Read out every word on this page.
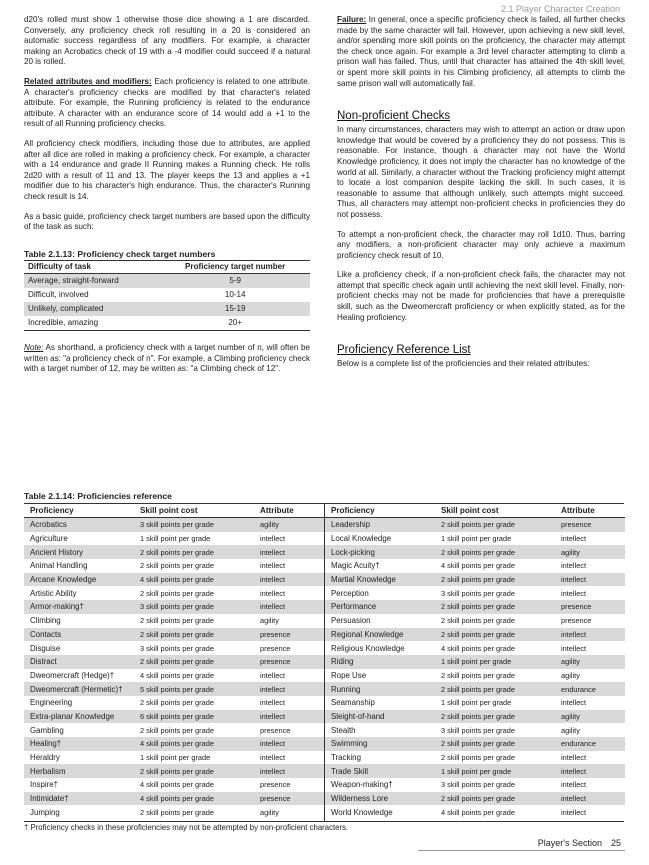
2.1 Player Character Creation

d20's rolled must show 1 otherwise those dice showing a 1 are discarded. Conversely, any proficiency check roll resulting in a 20 is considered an automatic success regardless of any modifiers. For example, a character making an Acrobatics check of 19 with a -4 modifier could succeed if a natural 20 is rolled.

Related attributes and modifiers: Each proficiency is related to one attribute. A character's proficiency checks are modified by that character's related attribute. For example, the Running proficiency is related to the endurance attribute. A character with an endurance score of 14 would add a +1 to the result of all Running proficiency checks.

All proficiency check modifiers, including those due to attributes, are applied after all dice are rolled in making a proficiency check. For example, a character with a 14 endurance and grade II Running makes a Running check. He rolls 2d20 with a result of 11 and 13. The player keeps the 13 and applies a +1 modifier due to his character's high endurance. Thus, the character's Running check result is 14.

As a basic guide, proficiency check target numbers are based upon the difficulty of the task as such:

Table 2.1.13: Proficiency check target numbers
Difficulty of task	Proficiency target number
Average, straight-forward	5-9
Difficult, involved	10-14
Unlikely, complicated	15-19
Incredible, amazing	20+

Note: As shorthand, a proficiency check with a target number of n, will often be written as: "a proficiency check of n". For example, a Climbing proficiency check with a target number of 12, may be written as: "a Climbing check of 12".

Failure: In general, once a specific proficiency check is failed, all further checks made by the same character will fail. However, upon achieving a new skill level, and/or spending more skill points on the proficiency, the character may attempt the check once again. For example a 3rd level character attempting to climb a prison wall has failed. Thus, until that character has attained the 4th skill level, or spent more skill points in his Climbing proficiency, all attempts to climb the same prison wall will automatically fail.

Non-proficient Checks

In many circumstances, characters may wish to attempt an action or draw upon knowledge that would be covered by a proficiency they do not possess. This is reasonable. For instance, though a character may not have the World Knowledge proficiency, it does not imply the character has no knowledge of the world at all. Similarly, a character without the Tracking proficiency might attempt to locate a lost companion despite lacking the skill. In such cases, it is reasonable to assume that although unlikely, such attempts might succeed. Thus, all characters may attempt non-proficient checks in proficiencies they do not possess.

To attempt a non-proficient check, the character may roll 1d10. Thus, barring any modifiers, a non-proficient character may only achieve a maximum proficiency check result of 10.

Like a proficiency check, if a non-proficient check fails, the character may not attempt that specific check again until achieving the next skill level. Finally, non-proficient checks may not be made for proficiencies that have a prerequisite skill, such as the Dweomercraft proficiency or when explicitly stated, as for the Healing proficiency.

Proficiency Reference List

Below is a complete list of the proficiencies and their related attributes:

Table 2.1.14: Proficiencies reference
Proficiency	Skill point cost	Attribute
Acrobatics	3 skill points per grade	agility
Agriculture	1 skill point per grade	intellect
Ancient History	2 skill points per grade	intellect
Animal Handling	2 skill points per grade	intellect
Arcane Knowledge	4 skill points per grade	intellect
Artistic Ability	2 skill points per grade	intellect
Armor-making†	3 skill points per grade	intellect
Climbing	2 skill points per grade	agility
Contacts	2 skill points per grade	presence
Disguise	3 skill points per grade	presence
Distract	2 skill points per grade	presence
Dweomercraft (Hedge)†	4 skill points per grade	intellect
Dweomercraft (Hermetic)†	5 skill points per grade	intellect
Engineering	2 skill points per grade	intellect
Extra-planar Knowledge	6 skill points per grade	intellect
Gambling	2 skill points per grade	presence
Healing†	4 skill points per grade	intellect
Heraldry	1 skill point per grade	intellect
Herbalism	2 skill points per grade	intellect
Inspire†	4 skill points per grade	presence
Intimidate†	4 skill points per grade	presence
Jumping	2 skill points per grade	agility
Proficiency	Skill point cost	Attribute
Leadership	2 skill points per grade	presence
Local Knowledge	1 skill point per grade	intellect
Lock-picking	2 skill points per grade	agility
Magic Acuity†	4 skill points per grade	intellect
Martial Knowledge	2 skill points per grade	intellect
Perception	3 skill points per grade	intellect
Performance	2 skill points per grade	presence
Persuasion	2 skill points per grade	presence
Regional Knowledge	2 skill points per grade	intellect
Religious Knowledge	4 skill points per grade	intellect
Riding	1 skill point per grade	agility
Rope Use	2 skill points per grade	agility
Running	2 skill points per grade	endurance
Seamanship	1 skill point per grade	intellect
Sleight-of-hand	2 skill points per grade	agility
Stealth	3 skill points per grade	agility
Swimming	2 skill points per grade	endurance
Tracking	2 skill points per grade	intellect
Trade Skill	1 skill point per grade	intellect
Weapon-making†	3 skill points per grade	intellect
Wilderness Lore	2 skill points per grade	intellect
World Knowledge	4 skill points per grade	intellect
† Proficiency checks in these proficiencies may not be attempted by non-proficient characters.
Player's Section 25
